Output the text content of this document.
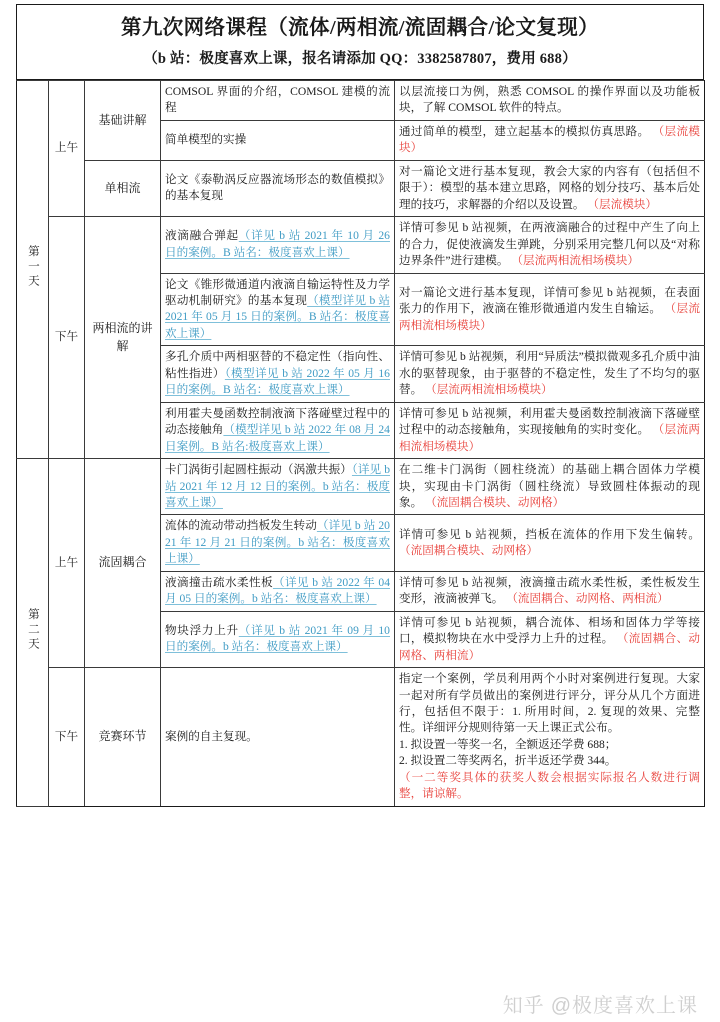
第九次网络课程（流体/两相流/流固耦合/论文复现）
（b 站：极度喜欢上课，报名请添加 QQ：3382587807，费用 688）
第一天	上午	基础讲解	COMSOL 界面的介绍，COMSOL 建模的流程	以层流接口为例，熟悉 COMSOL 的操作界面以及功能板块，了解 COMSOL 软件的特点。

			简单模型的实操	通过简单的模型，建立起基本的模拟仿真思路。 （层流模块）
		单相流	论文《泰勒涡反应器流场形态的数值模拟》的基本复现	对一篇论文进行基本复现，教会大家的内容有（包括但不限于）：模型的基本建立思路，网格的划分技巧、基本后处理的技巧，求解器的介绍以及设置。 （层流模块）
	下午	两相流的讲解	液滴融合弹起（详见 b 站 2021 年 10 月 26 日的案例。B 站名：极度喜欢上课）	详情可参见 b 站视频，在两液滴融合的过程中产生了向上的合力，促使液滴发生弹跳，分别采用完整几何以及“对称边界条件”进行建模。 （层流两相流相场模块）
			论文《锥形微通道内液滴自输运特性及力学驱动机制研究》的基本复现（模型详见 b 站 2021 年 05 月 15 日的案例。B 站名：极度喜欢上课）	对一篇论文进行基本复现，详情可参见 b 站视频，在表面张力的作用下，液滴在锥形微通道内发生自输运。 （层流两相流相场模块）
			多孔介质中两相驱替的不稳定性（指向性、粘性指进）（模型详见 b 站 2022 年 05 月 16 日的案例。B 站名：极度喜欢上课）	详情可参见 b 站视频，利用“异质法”模拟微观多孔介质中油水的驱替现象，由于驱替的不稳定性，发生了不均匀的驱替。 （层流两相流相场模块）
			利用霍夫曼函数控制液滴下落碰壁过程中的动态接触角（模型详见 b 站 2022 年 08 月 24 日案例。B 站名:极度喜欢上课）	详情可参见 b 站视频，利用霍夫曼函数控制液滴下落碰壁过程中的动态接触角，实现接触角的实时变化。 （层流两相流相场模块）
第二天	上午	流固耦合	卡门涡街引起圆柱振动（涡激共振）（详见 b 站 2021 年 12 月 12 日的案例。b 站名：极度喜欢上课）	在二维卡门涡街（圆柱绕流）的基础上耦合固体力学模块，实现由卡门涡街（圆柱绕流）导致圆柱体振动的现象。 （流固耦合模块、动网格）
			流体的流动带动挡板发生转动（详见 b 站 2021 年 12 月 21 日的案例。b 站名：极度喜欢上课）	详情可参见 b 站视频，挡板在流体的作用下发生偏转。 （流固耦合模块、动网格）
			液滴撞击疏水柔性板（详见 b 站 2022 年 04 月 05 日的案例。b 站名：极度喜欢上课）	详情可参见 b 站视频，液滴撞击疏水柔性板，柔性板发生变形，液滴被弹飞。 （流固耦合、动网格、两相流）
			物块浮力上升（详见 b 站 2021 年 09 月 10 日的案例。b 站名：极度喜欢上课）	详情可参见 b 站视频，耦合流体、相场和固体力学等接口，模拟物块在水中受浮力上升的过程。 （流固耦合、动网格、两相流）
	下午	竞赛环节	案例的自主复现。	指定一个案例，学员利用两个小时对案例进行复现。大家一起对所有学员做出的案例进行评分，评分从几个方面进行，包括但不限于：1. 所用时间，2. 复现的效果、完整性。详细评分规则待第一天上课正式公布。
1. 拟设置一等奖一名，全额返还学费 688；
2. 拟设置二等奖两名，折半返还学费 344。
（一二等奖具体的获奖人数会根据实际报名人数进行调整，请谅解。
知乎 @极度喜欢上课
